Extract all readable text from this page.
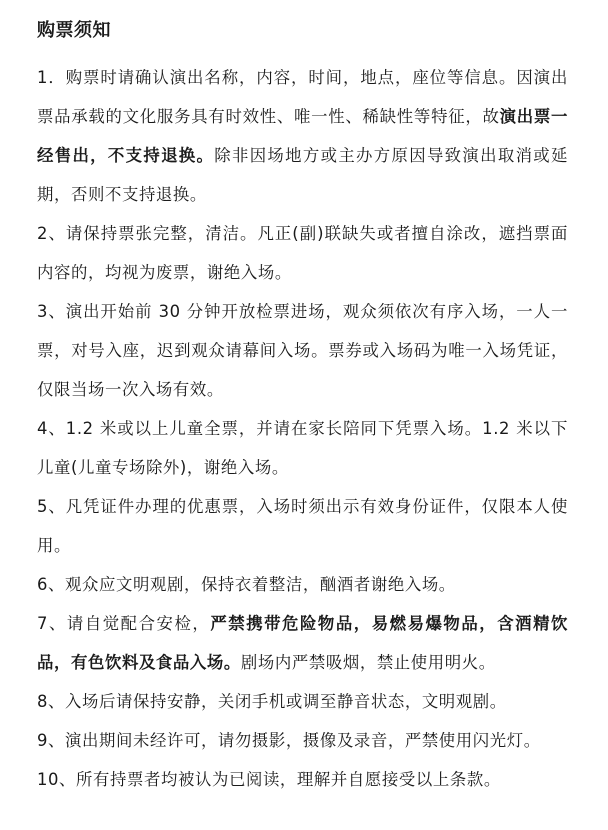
购票须知

1．购票时请确认演出名称，内容，时间，地点，座位等信息。因演出票品承载的文化服务具有时效性、唯一性、稀缺性等特征，故演出票一经售出，不支持退换。除非因场地方或主办方原因导致演出取消或延期，否则不支持退换。

2、请保持票张完整，清洁。凡正(副)联缺失或者擅自涂改，遮挡票面内容的，均视为废票，谢绝入场。

3、演出开始前 30 分钟开放检票进场，观众须依次有序入场，一人一票，对号入座，迟到观众请幕间入场。票券或入场码为唯一入场凭证，仅限当场一次入场有效。

4、1.2 米或以上儿童全票，并请在家长陪同下凭票入场。1.2 米以下儿童(儿童专场除外)，谢绝入场。

5、凡凭证件办理的优惠票，入场时须出示有效身份证件，仅限本人使用。

6、观众应文明观剧，保持衣着整洁，酗酒者谢绝入场。

7、请自觉配合安检，严禁携带危险物品，易燃易爆物品，含酒精饮品，有色饮料及食品入场。剧场内严禁吸烟，禁止使用明火。

8、入场后请保持安静，关闭手机或调至静音状态，文明观剧。

9、演出期间未经许可，请勿摄影，摄像及录音，严禁使用闪光灯。

10、所有持票者均被认为已阅读，理解并自愿接受以上条款。
